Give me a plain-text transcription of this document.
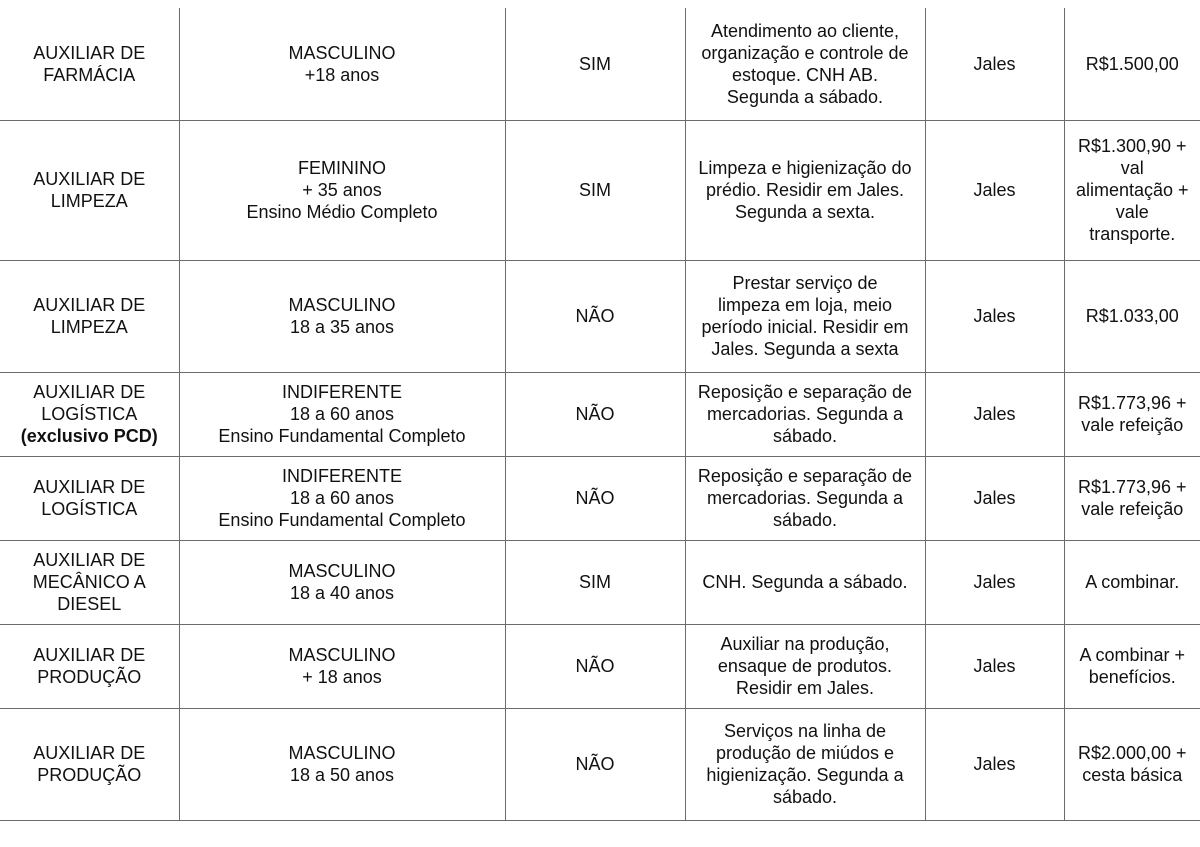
AUXILIAR DE
FARMÁCIA	MASCULINO
+18 anos	SIM	Atendimento ao cliente,
organização e controle de
estoque. CNH AB.
Segunda a sábado.	Jales	R$1.500,00

AUXILIAR DE
LIMPEZA	FEMININO
+ 35 anos
Ensino Médio Completo	SIM	Limpeza e higienização do
prédio. Residir em Jales.
Segunda a sexta.	Jales	R$1.300,90 +
val
alimentação +
vale
transporte.

AUXILIAR DE
LIMPEZA	MASCULINO
18 a 35 anos	NÃO	Prestar serviço de
limpeza em loja, meio
período inicial. Residir em
Jales. Segunda a sexta	Jales	R$1.033,00

AUXILIAR DE
LOGÍSTICA
(exclusivo PCD)	INDIFERENTE
18 a 60 anos
Ensino Fundamental Completo	NÃO	Reposição e separação de
mercadorias. Segunda a
sábado.	Jales	R$1.773,96 +
vale refeição

AUXILIAR DE
LOGÍSTICA	INDIFERENTE
18 a 60 anos
Ensino Fundamental Completo	NÃO	Reposição e separação de
mercadorias. Segunda a
sábado.	Jales	R$1.773,96 +
vale refeição

AUXILIAR DE
MECÂNICO A
DIESEL	MASCULINO
18 a 40 anos	SIM	CNH. Segunda a sábado.	Jales	A combinar.

AUXILIAR DE
PRODUÇÃO	MASCULINO
+ 18 anos	NÃO	Auxiliar na produção,
ensaque de produtos.
Residir em Jales.	Jales	A combinar +
benefícios.

AUXILIAR DE
PRODUÇÃO	MASCULINO
18 a 50 anos	NÃO	Serviços na linha de
produção de miúdos e
higienização. Segunda a
sábado.	Jales	R$2.000,00 +
cesta básica
